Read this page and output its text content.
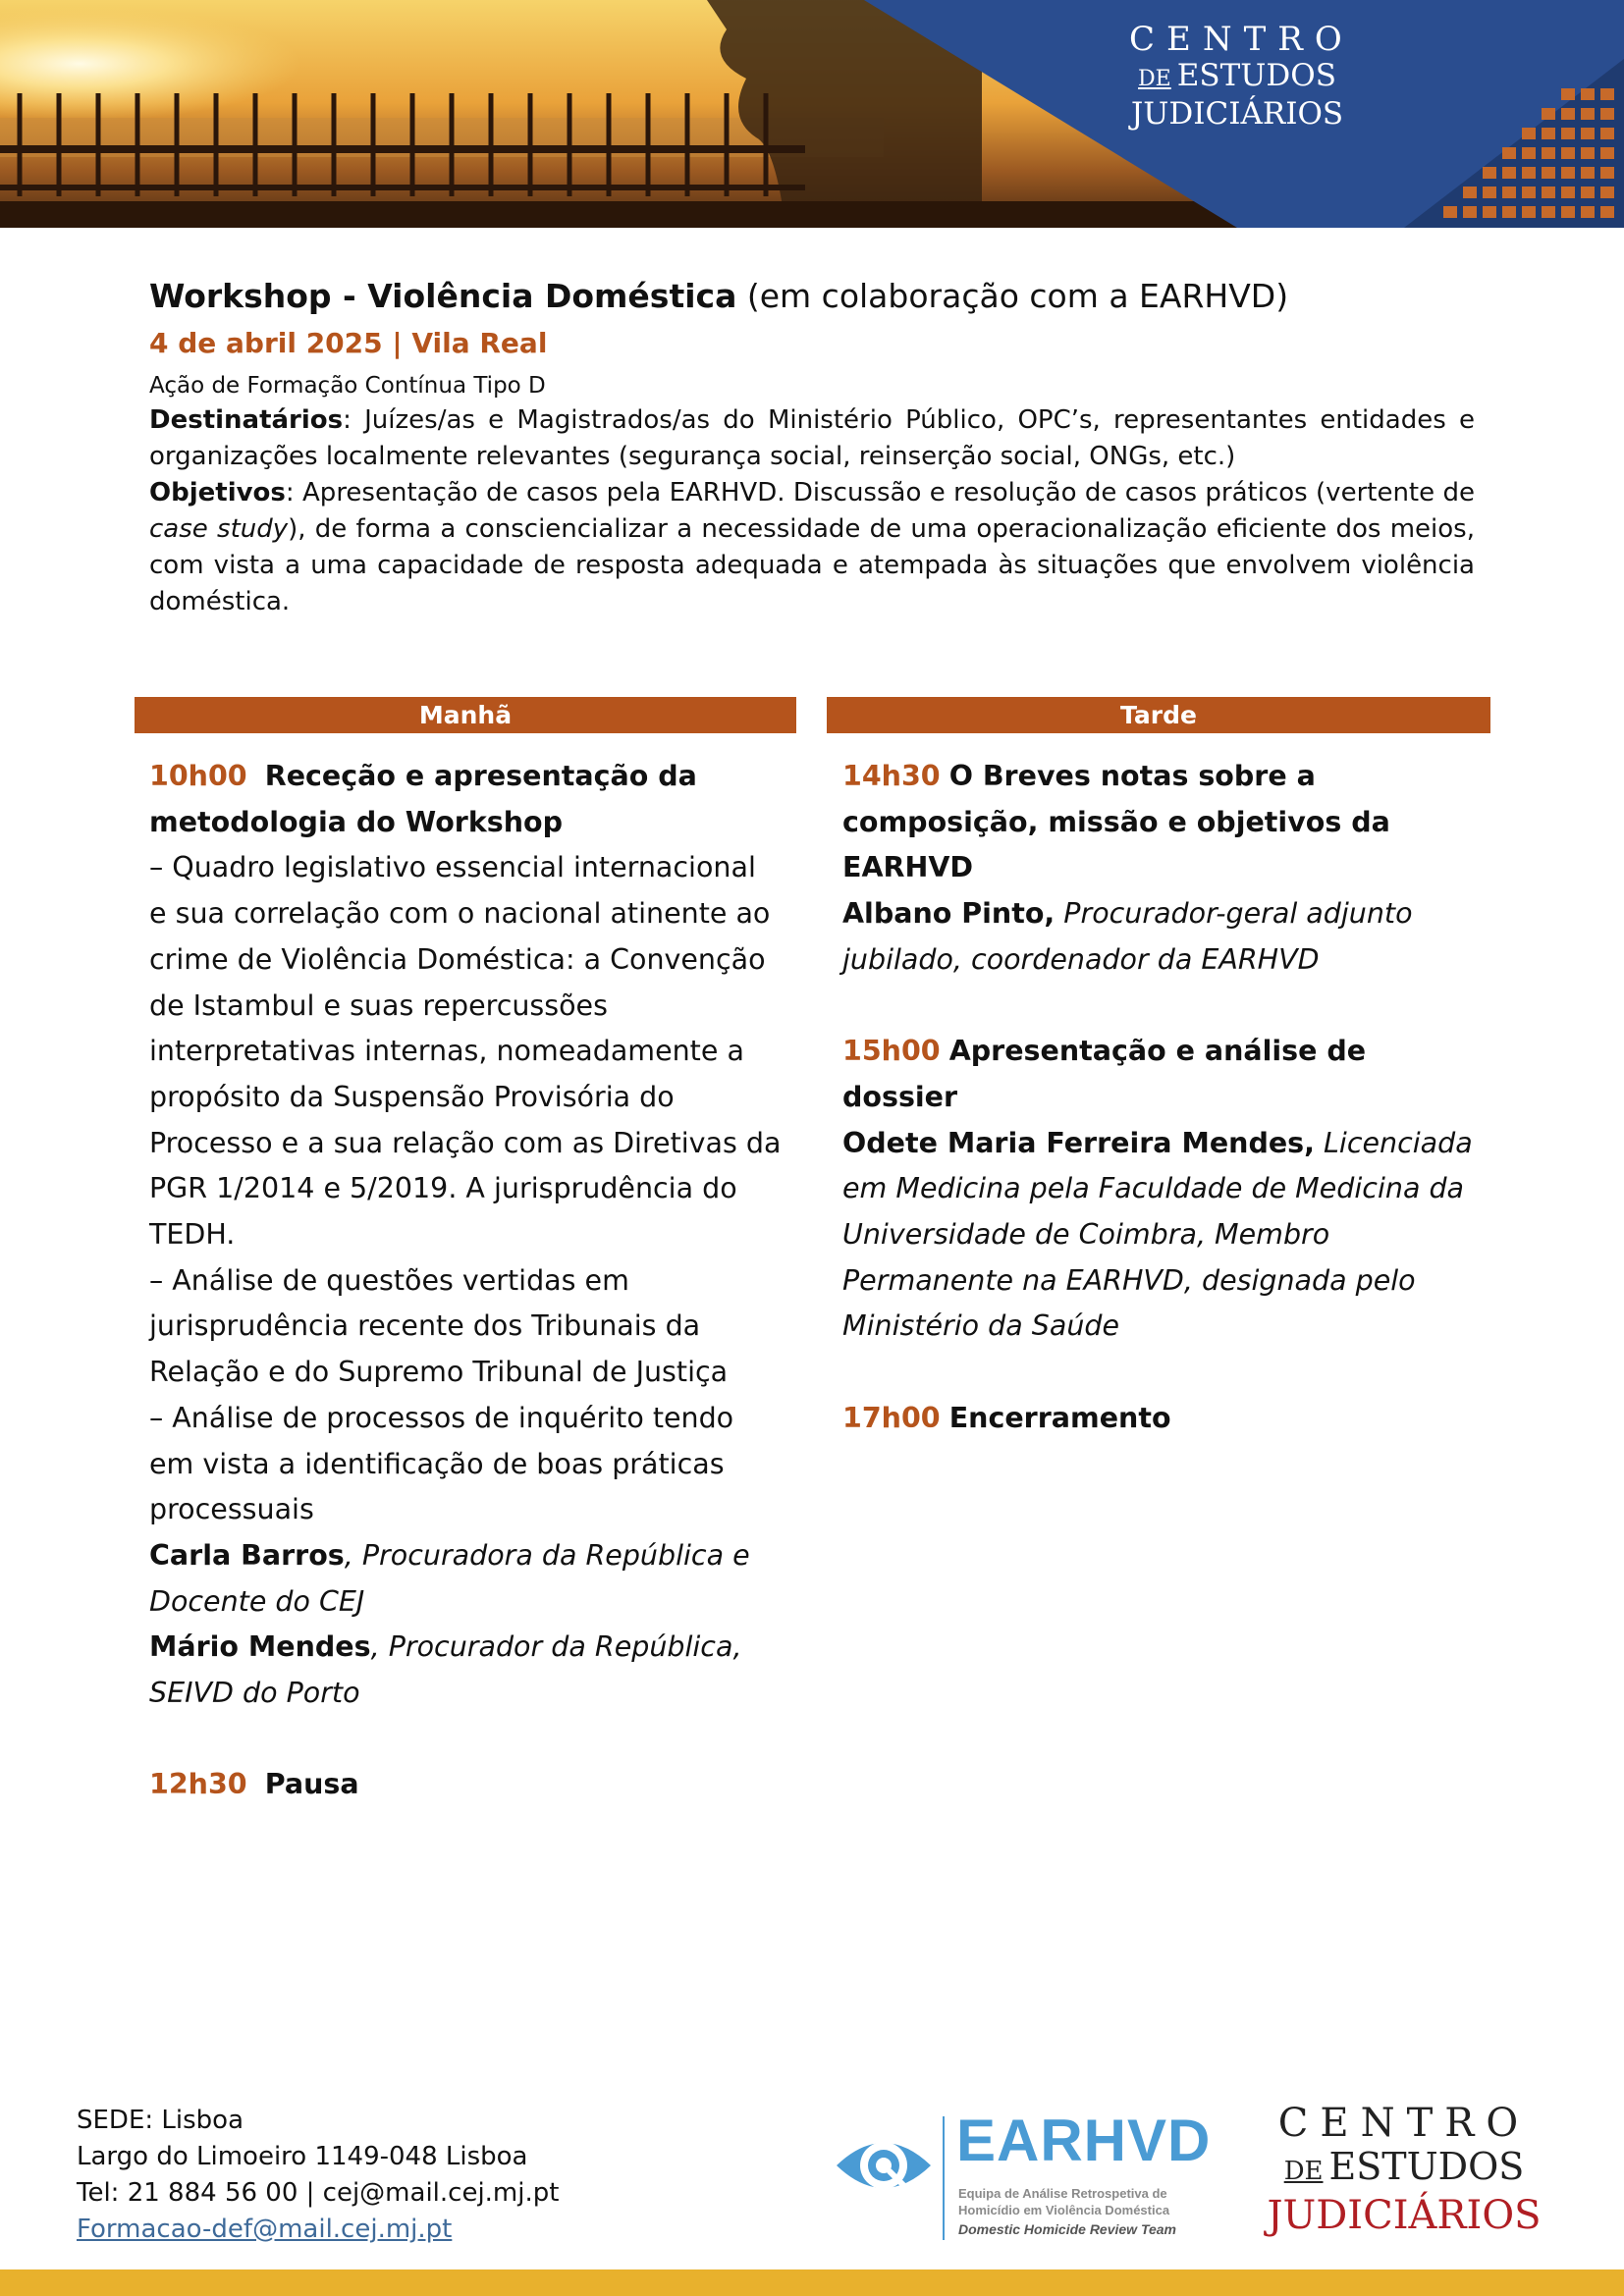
CENTRO
DE ESTUDOS
JUDICIÁRIOS
Workshop - Violência Doméstica (em colaboração com a EARHVD)
4 de abril 2025 | Vila Real
Ação de Formação Contínua Tipo D
Destinatários: Juízes/as e Magistrados/as do Ministério Público, OPC’s, representantes entidades e organizações localmente relevantes (segurança social, reinserção social, ONGs, etc.)
Objetivos: Apresentação de casos pela EARHVD. Discussão e resolução de casos práticos (vertente de case study), de forma a consciencializar a necessidade de uma operacionalização eficiente dos meios, com vista a uma capacidade de resposta adequada e atempada às situações que envolvem violência doméstica.
Manhã	Tarde
10h00 Receção e apresentação da
metodologia do Workshop
– Quadro legislativo essencial internacional
e sua correlação com o nacional atinente ao
crime de Violência Doméstica: a Convenção
de Istambul e suas repercussões
interpretativas internas, nomeadamente a
propósito da Suspensão Provisória do
Processo e a sua relação com as Diretivas da
PGR 1/2014 e 5/2019. A jurisprudência do
TEDH.
– Análise de questões vertidas em
jurisprudência recente dos Tribunais da
Relação e do Supremo Tribunal de Justiça
– Análise de processos de inquérito tendo
em vista a identificação de boas práticas
processuais
Carla Barros, Procuradora da República e
Docente do CEJ
Mário Mendes, Procurador da República,
SEIVD do Porto
12h30 Pausa
14h30 O Breves notas sobre a
composição, missão e objetivos da
EARHVD
Albano Pinto, Procurador-geral adjunto
jubilado, coordenador da EARHVD
15h00 Apresentação e análise de dossier
Odete Maria Ferreira Mendes, Licenciada
em Medicina pela Faculdade de Medicina da
Universidade de Coimbra, Membro
Permanente na EARHVD, designada pelo
Ministério da Saúde
17h00 Encerramento
SEDE: Lisboa
Largo do Limoeiro 1149-048 Lisboa
Tel: 21 884 56 00 | cej@mail.cej.mj.pt
Formacao-def@mail.cej.mj.pt
EARHVD
Equipa de Análise Retrospetiva de
Homicídio em Violência Doméstica
Domestic Homicide Review Team
CENTRO
DE ESTUDOS
JUDICIÁRIOS
